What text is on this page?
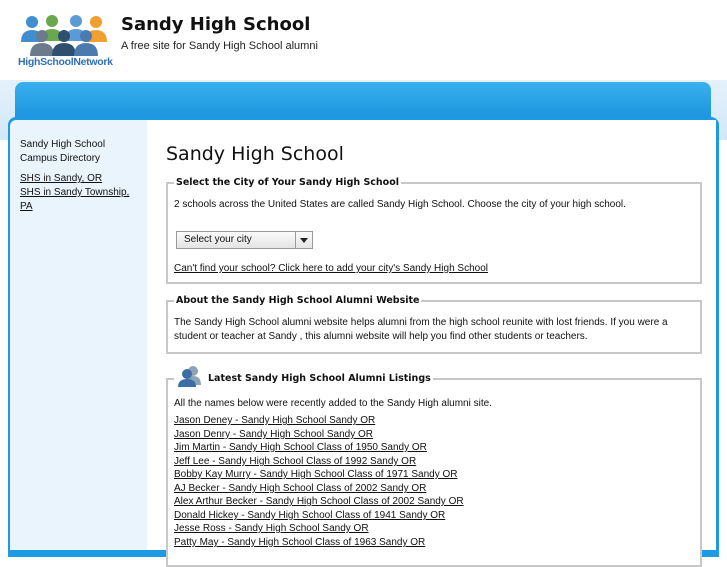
HighSchoolNetwork
Sandy High School
A free site for Sandy High School alumni
Sandy High School Campus Directory
SHS in Sandy, OR
SHS in Sandy Township, PA
Sandy High School
Select the City of Your Sandy High School
2 schools across the United States are called Sandy High School. Choose the city of your high school.
Select your city
Can't find your school? Click here to add your city's Sandy High School
About the Sandy High School Alumni Website
The Sandy High School alumni website helps alumni from the high school reunite with lost friends. If you were a student or teacher at Sandy , this alumni website will help you find other students or teachers.
Latest Sandy High School Alumni Listings
All the names below were recently added to the Sandy High alumni site.
Jason Deney - Sandy High School Sandy OR
Jason Denry - Sandy High School Sandy OR
Jim Martin - Sandy High School Class of 1950 Sandy OR
Jeff Lee - Sandy High School Class of 1992 Sandy OR
Bobby Kay Murry - Sandy High School Class of 1971 Sandy OR
AJ Becker - Sandy High School Class of 2002 Sandy OR
Alex Arthur Becker - Sandy High School Class of 2002 Sandy OR
Donald Hickey - Sandy High School Class of 1941 Sandy OR
Jesse Ross - Sandy High School Sandy OR
Patty May - Sandy High School Class of 1963 Sandy OR
